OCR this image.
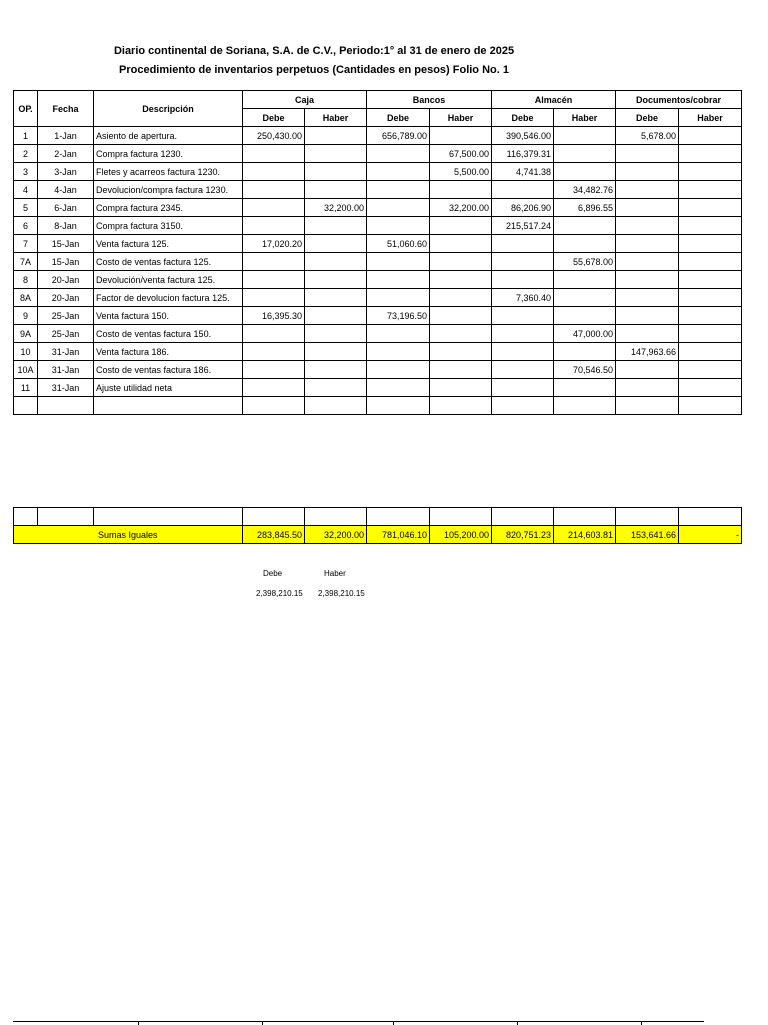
Diario continental de Soriana, S.A. de C.V., Periodo:1° al 31 de enero de 2025
Procedimiento de inventarios perpetuos (Cantidades en pesos) Folio No. 1
OP.	Fecha	Descripción	Caja		Bancos		Almacén		Documentos/cobrar	
			Debe	Haber	Debe	Haber	Debe	Haber	Debe	Haber
1	1-Jan	Asiento de apertura.	250,430.00		656,789.00		390,546.00		5,678.00	
2	2-Jan	Compra factura 1230.				67,500.00	116,379.31			
3	3-Jan	Fletes y acarreos factura 1230.				5,500.00	4,741.38			
4	4-Jan	Devolucion/compra factura 1230.						34,482.76		
5	6-Jan	Compra factura 2345.		32,200.00		32,200.00	86,206.90	6,896.55		
6	8-Jan	Compra factura 3150.					215,517.24			
7	15-Jan	Venta factura 125.	17,020.20		51,060.60					
7A	15-Jan	Costo de ventas factura 125.						55,678.00		
8	20-Jan	Devolución/venta factura 125.								
8A	20-Jan	Factor de devolucion factura 125.					7,360.40			
9	25-Jan	Venta factura 150.	16,395.30		73,196.50					
9A	25-Jan	Costo de ventas factura 150.						47,000.00		
10	31-Jan	Venta factura 186.							147,963.66	
10A	31-Jan	Costo de ventas factura 186.						70,546.50		
11	31-Jan	Ajuste utilidad neta								

Sumas Iguales			283,845.50	32,200.00	781,046.10	105,200.00	820,751.23	214,603.81	153,641.66	-
Debe	Haber
2,398,210.15 2,398,210.15
